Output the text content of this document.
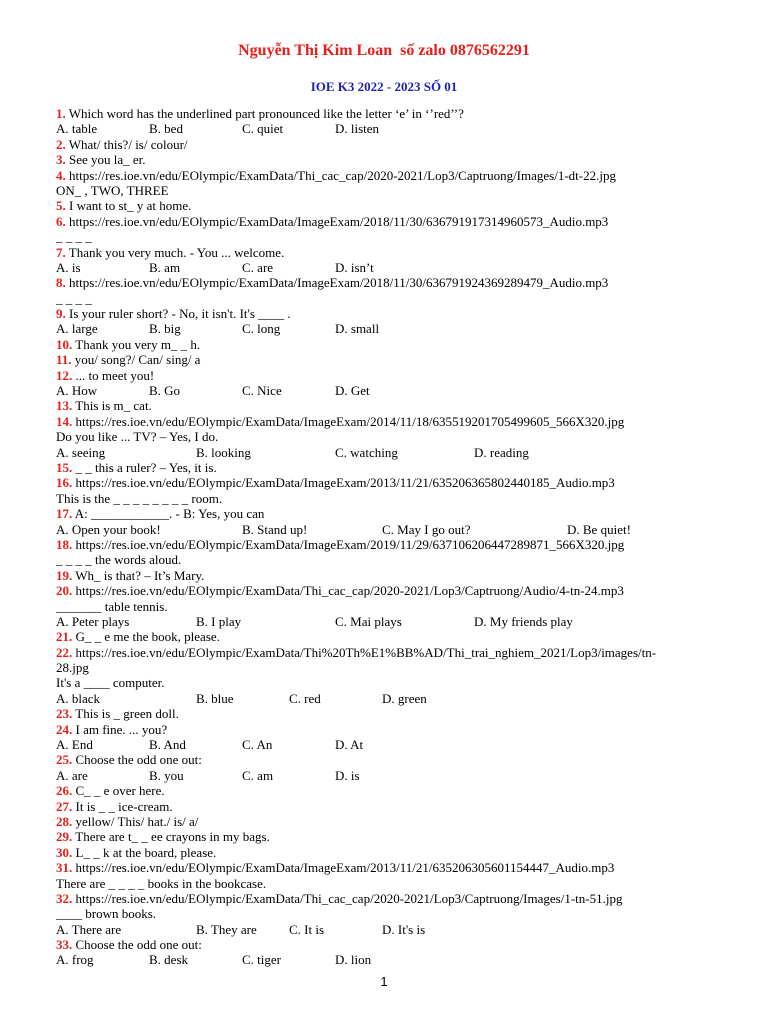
Nguyễn Thị Kim Loan  số zalo 0876562291
IOE K3 2022 - 2023 SỐ 01
1. Which word has the underlined part pronounced like the letter ‘e’ in ‘’red’’?
A. table	B. bed	C. quiet	D. listen
2. What/ this?/ is/ colour/
3. See you la_ er.
4. https://res.ioe.vn/edu/EOlympic/ExamData/Thi_cac_cap/2020-2021/Lop3/Captruong/Images/1-dt-22.jpg
ON_ , TWO, THREE
5. I want to st_ y at home.
6. https://res.ioe.vn/edu/EOlympic/ExamData/ImageExam/2018/11/30/636791917314960573_Audio.mp3
_ _ _ _
7. Thank you very much. - You ... welcome.
A. is	B. am	C. are	D. isn’t
8. https://res.ioe.vn/edu/EOlympic/ExamData/ImageExam/2018/11/30/636791924369289479_Audio.mp3
_ _ _ _
9. Is your ruler short? - No, it isn't. It's ____ .
A. large	B. big	C. long	D. small
10. Thank you very m_ _ h.
11. you/ song?/ Can/ sing/ a
12. ... to meet you!
A. How	B. Go	C. Nice	D. Get
13. This is m_ cat.
14. https://res.ioe.vn/edu/EOlympic/ExamData/ImageExam/2014/11/18/635519201705499605_566X320.jpg
Do you like ... TV? – Yes, I do.
A. seeing	B. looking	C. watching	D. reading
15. _ _ this a ruler? – Yes, it is.
16. https://res.ioe.vn/edu/EOlympic/ExamData/ImageExam/2013/11/21/635206365802440185_Audio.mp3
This is the _ _ _ _ _ _ _ _ room.
17. A: ____________. - B: Yes, you can
A. Open your book!	B. Stand up!	C. May I go out?	D. Be quiet!
18. https://res.ioe.vn/edu/EOlympic/ExamData/ImageExam/2019/11/29/637106206447289871_566X320.jpg
_ _ _ _ the words aloud.
19. Wh_ is that? – It’s Mary.
20. https://res.ioe.vn/edu/EOlympic/ExamData/Thi_cac_cap/2020-2021/Lop3/Captruong/Audio/4-tn-24.mp3
_______ table tennis.
A. Peter plays	B. I play	C. Mai plays	D. My friends play
21. G_ _ e me the book, please.
22. https://res.ioe.vn/edu/EOlympic/ExamData/Thi%20Th%E1%BB%AD/Thi_trai_nghiem_2021/Lop3/images/tn-
28.jpg
It's a ____ computer.
A. black	B. blue	C. red	D. green
23. This is _ green doll.
24. I am fine. ... you?
A. End	B. And	C. An	D. At
25. Choose the odd one out:
A. are	B. you	C. am	D. is
26. C_ _ e over here.
27. It is _ _ ice-cream.
28. yellow/ This/ hat./ is/ a/
29. There are t_ _ ee crayons in my bags.
30. L_ _ k at the board, please.
31. https://res.ioe.vn/edu/EOlympic/ExamData/ImageExam/2013/11/21/635206305601154447_Audio.mp3
There are _ _ _ _ books in the bookcase.
32. https://res.ioe.vn/edu/EOlympic/ExamData/Thi_cac_cap/2020-2021/Lop3/Captruong/Images/1-tn-51.jpg
____ brown books.
A. There are	B. They are C. It is	D. It's is
33. Choose the odd one out:
A. frog	B. desk	C. tiger	D. lion
1
